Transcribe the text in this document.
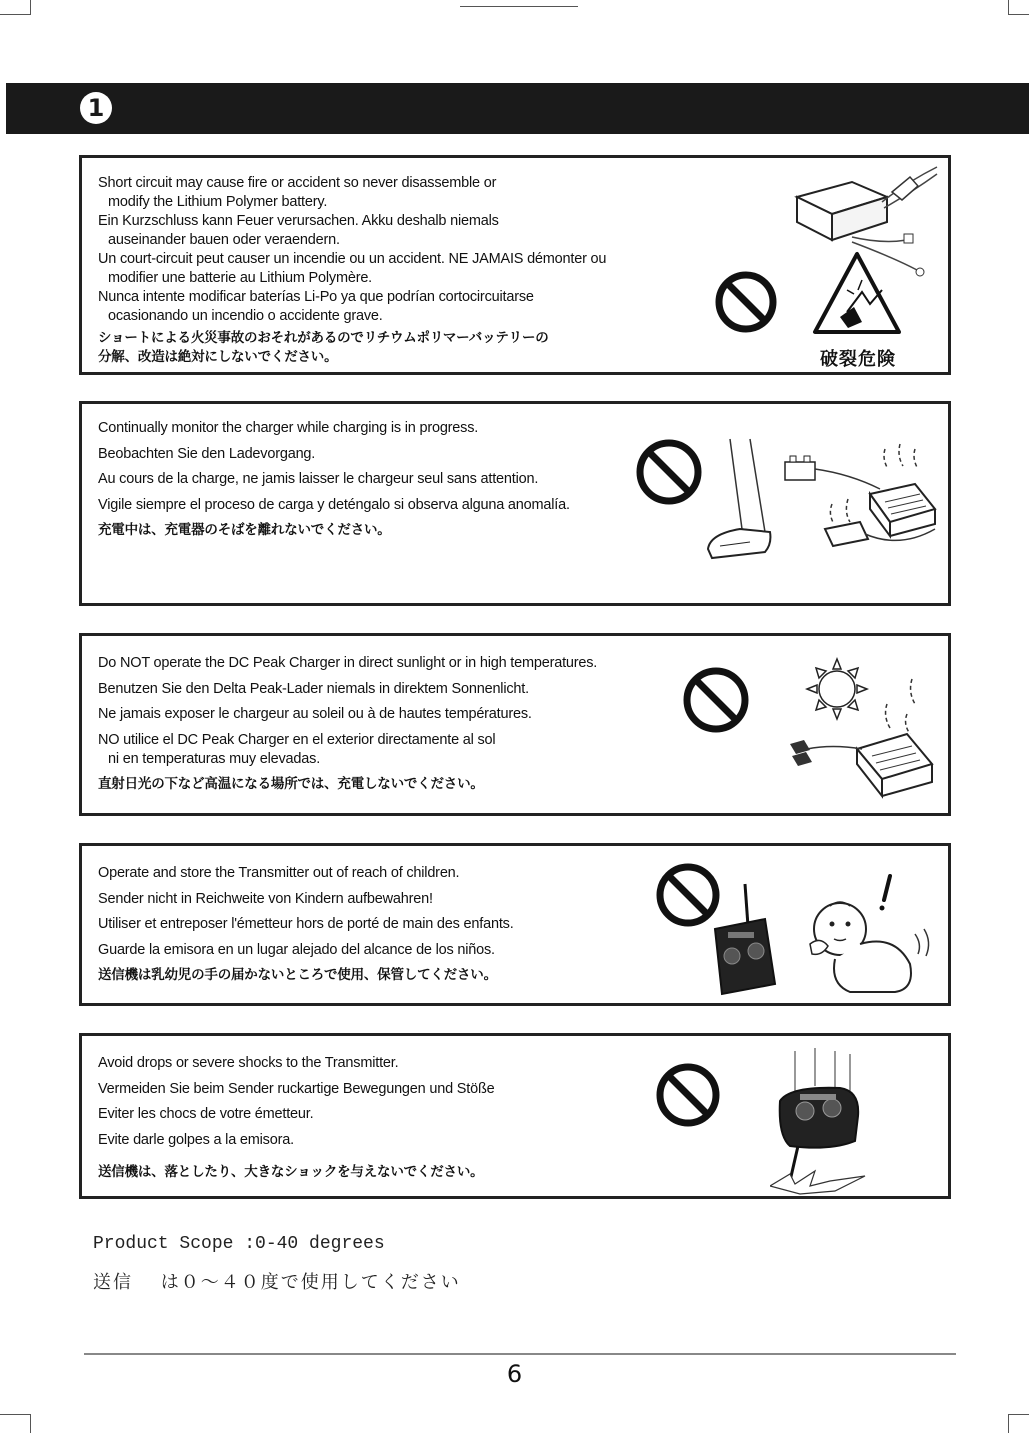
1
Short circuit may cause fire or accident so never disassemble or
modify the Lithium Polymer battery.
Ein Kurzschluss kann Feuer verursachen. Akku deshalb niemals
auseinander bauen oder veraendern.
Un court-circuit peut causer un incendie ou un accident. NE JAMAIS démonter ou
modifier une batterie au Lithium Polymère.
Nunca intente modificar baterías Li-Po ya que podrían cortocircuitarse
ocasionando un incendio o accidente grave.
ショートによる火災事故のおそれがあるのでリチウムポリマーバッテリーの
分解、改造は絶対にしないでください。	破裂危険
Continually monitor the charger while charging is in progress.
Beobachten Sie den Ladevorgang.
Au cours de la charge, ne jamis laisser le chargeur seul sans attention.
Vigile siempre el proceso de carga y deténgalo si observa alguna anomalía.
充電中は、充電器のそばを離れないでください。
Do NOT operate the DC Peak Charger in direct sunlight or in high temperatures.
Benutzen Sie den Delta Peak-Lader niemals in direktem Sonnenlicht.
Ne jamais exposer le chargeur au soleil ou à de hautes températures.
NO utilice el DC Peak Charger en el exterior directamente al sol
ni en temperaturas muy elevadas.
直射日光の下など高温になる場所では、充電しないでください。
Operate and store the Transmitter out of reach of children.
Sender nicht in Reichweite von Kindern aufbewahren!
Utiliser et entreposer l'émetteur hors de porté de main des enfants.
Guarde la emisora en un lugar alejado del alcance de los niños.
送信機は乳幼児の手の届かないところで使用、保管してください。
Avoid drops or severe shocks to the Transmitter.
Vermeiden Sie beim Sender ruckartige Bewegungen und Stöße
Eviter les chocs de votre émetteur.
Evite darle golpes a la emisora.
送信機は、落としたり、大きなショックを与えないでください。
Product Scope :0-40 degrees
送信　 は０～４０度で使用してください
6
